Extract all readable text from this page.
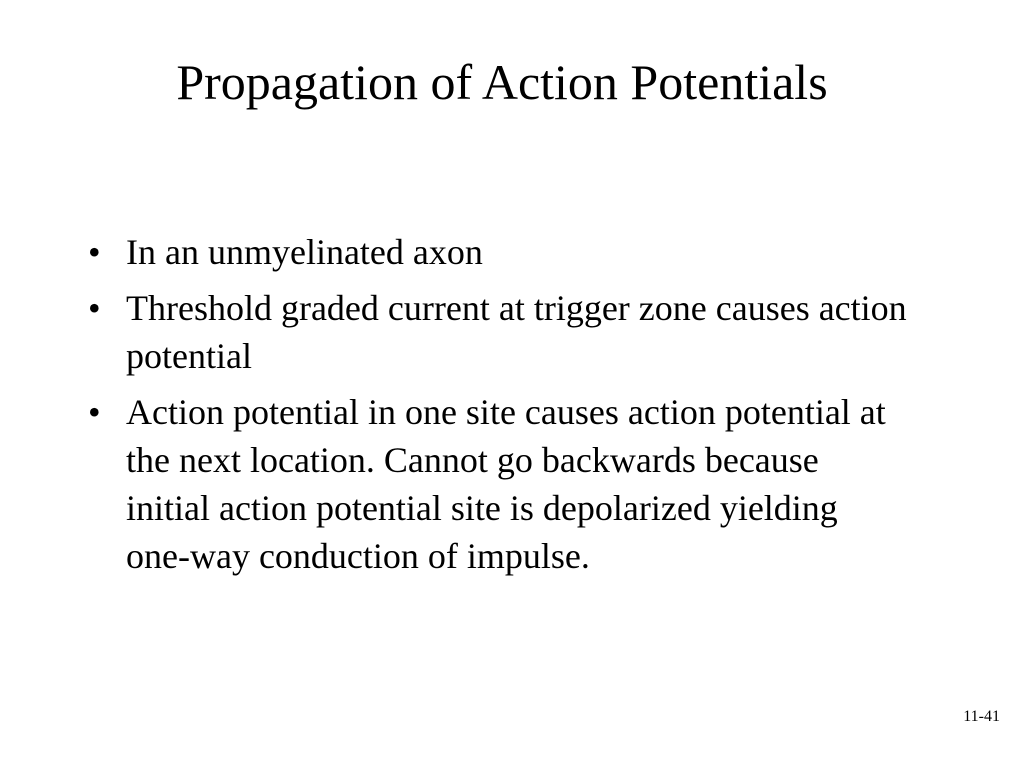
Propagation of Action Potentials
• In an unmyelinated axon
• Threshold graded current at trigger zone causes action potential
• Action potential in one site causes action potential at the next location. Cannot go backwards because initial action potential site is depolarized yielding one-way conduction of impulse.
11-41
